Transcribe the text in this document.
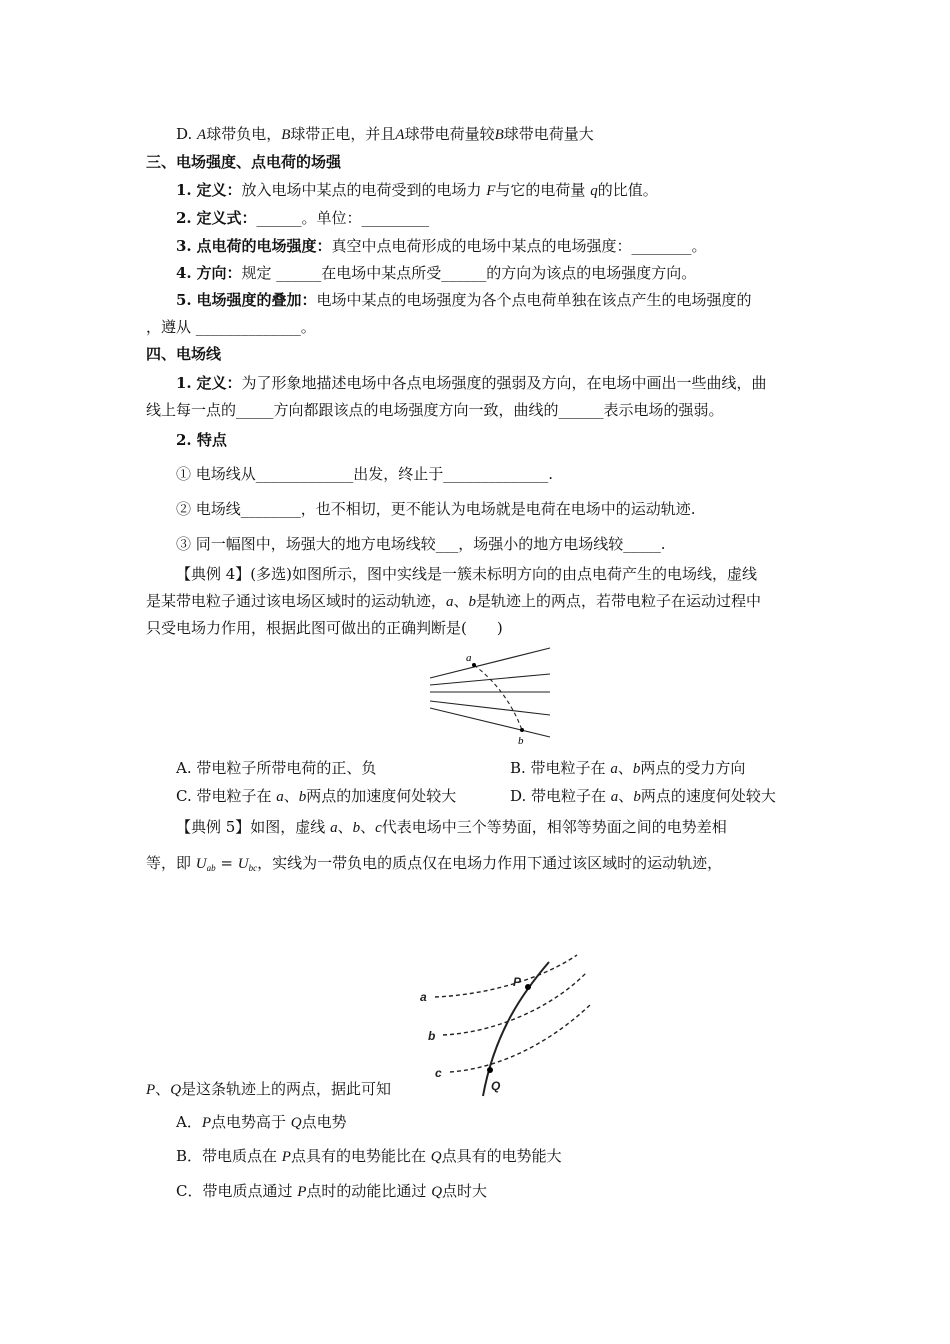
D. A球带负电，B球带正电，并且A球带电荷量较B球带电荷量大
三、电场强度、点电荷的场强
1. 定义：放入电场中某点的电荷受到的电场力 F与它的电荷量 q的比值。
2. 定义式：______。单位：_________
3. 点电荷的电场强度：真空中点电荷形成的电场中某点的电场强度：________。
4. 方向：规定 ______在电场中某点所受______的方向为该点的电场强度方向。
5. 电场强度的叠加：电场中某点的电场强度为各个点电荷单独在该点产生的电场强度的
，遵从 ______________。
四、电场线
1. 定义：为了形象地描述电场中各点电场强度的强弱及方向，在电场中画出一些曲线，曲
线上每一点的_____方向都跟该点的电场强度方向一致，曲线的______表示电场的强弱。
2. 特点
① 电场线从_____________出发，终止于______________.
② 电场线________，也不相切，更不能认为电场就是电荷在电场中的运动轨迹.
③ 同一幅图中，场强大的地方电场线较___，场强小的地方电场线较_____.
【典例 4】(多选)如图所示，图中实线是一簇未标明方向的由点电荷产生的电场线，虚线
是某带电粒子通过该电场区域时的运动轨迹，a、b是轨迹上的两点，若带电粒子在运动过程中
只受电场力作用，根据此图可做出的正确判断是(　　)
a
b
A. 带电粒子所带电荷的正、负	B. 带电粒子在 a、b两点的受力方向
C. 带电粒子在 a、b两点的加速度何处较大	D. 带电粒子在 a、b两点的速度何处较大
【典例 5】如图，虚线 a、b、c代表电场中三个等势面，相邻等势面之间的电势差相
等，即 $U_{ab} = U_{bc}$，实线为一带负电的质点仅在电场力作用下通过该区域时的运动轨迹，
P
Q
a
b
c
P、Q是这条轨迹上的两点，据此可知
A．P点电势高于 Q点电势
B．带电质点在 P点具有的电势能比在 Q点具有的电势能大
C．带电质点通过 P点时的动能比通过 Q点时大
